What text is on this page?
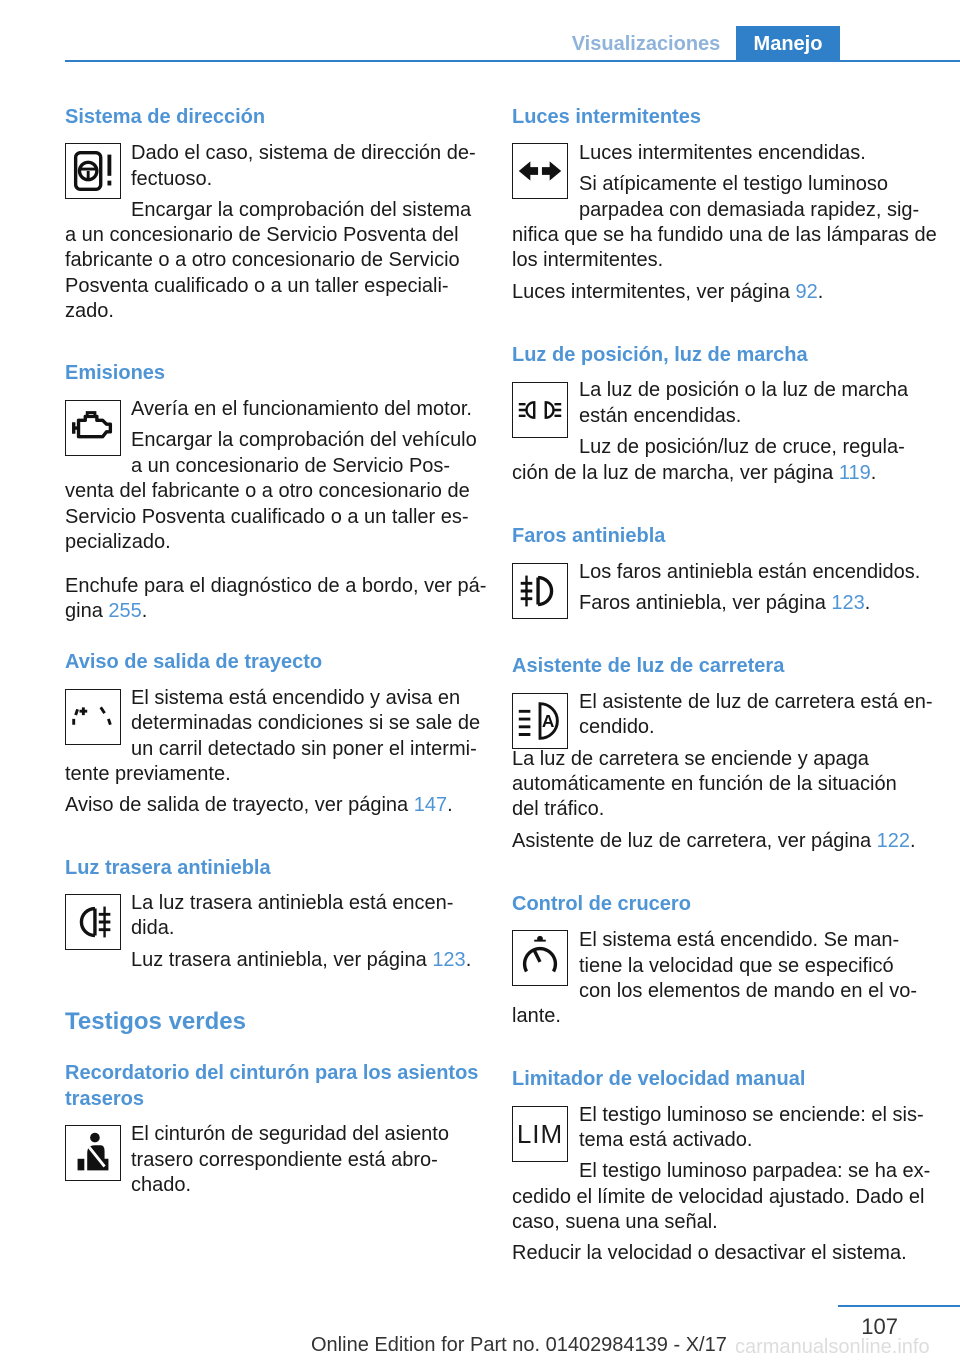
Visualizaciones	Manejo
Sistema de dirección
Dado el caso, sistema de dirección de-
fectuoso.
Encargar la comprobación del sistema
a un concesionario de Servicio Posventa del
fabricante o a otro concesionario de Servicio
Posventa cualificado o a un taller especiali-
zado.
Emisiones
Avería en el funcionamiento del motor.
Encargar la comprobación del vehículo
a un concesionario de Servicio Pos-
venta del fabricante o a otro concesionario de
Servicio Posventa cualificado o a un taller es-
pecializado.
Enchufe para el diagnóstico de a bordo, ver pá-
gina 255.
Aviso de salida de trayecto
El sistema está encendido y avisa en
determinadas condiciones si se sale de
un carril detectado sin poner el intermi-
tente previamente.
Aviso de salida de trayecto, ver página 147.
Luz trasera antiniebla
La luz trasera antiniebla está encen-
dida.
Luz trasera antiniebla, ver página 123.
Testigos verdes
Recordatorio del cinturón para los asientos
traseros
El cinturón de seguridad del asiento
trasero correspondiente está abro-
chado.
Luces intermitentes
Luces intermitentes encendidas.
Si atípicamente el testigo luminoso
parpadea con demasiada rapidez, sig-
nifica que se ha fundido una de las lámparas de
los intermitentes.
Luces intermitentes, ver página 92.
Luz de posición, luz de marcha
La luz de posición o la luz de marcha
están encendidas.
Luz de posición/luz de cruce, regula-
ción de la luz de marcha, ver página 119.
Faros antiniebla
Los faros antiniebla están encendidos.
Faros antiniebla, ver página 123.
Asistente de luz de carretera
A
El asistente de luz de carretera está en-
cendido.
La luz de carretera se enciende y apaga
automáticamente en función de la situación
del tráfico.
Asistente de luz de carretera, ver página 122.
Control de crucero
El sistema está encendido. Se man-
tiene la velocidad que se especificó
con los elementos de mando en el vo-
lante.
Limitador de velocidad manual
LIM
El testigo luminoso se enciende: el sis-
tema está activado.
El testigo luminoso parpadea: se ha ex-
cedido el límite de velocidad ajustado. Dado el
caso, suena una señal.
Reducir la velocidad o desactivar el sistema.
107
carmanualsonline.info
Online Edition for Part no. 01402984139 - X/17
